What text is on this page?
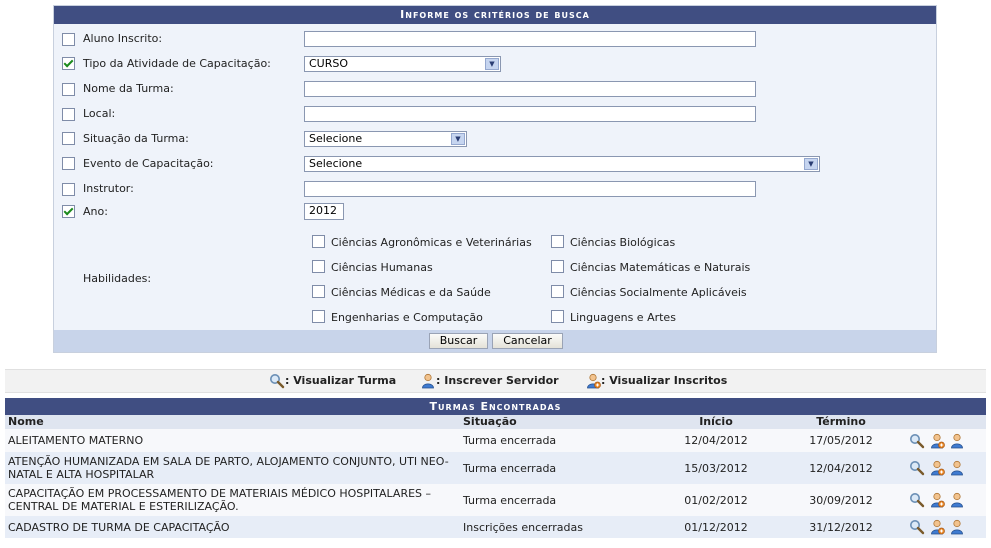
Informe os critérios de busca
Aluno Inscrito:
Tipo da Atividade de Capacitação:	CURSO	▼
Nome da Turma:
Local:
Situação da Turma:	Selecione	▼
Evento de Capacitação:	Selecione	▼
Instrutor:
Ano:	2012
Habilidades:
Ciências Agronômicas e Veterinárias	Ciências Biológicas
Ciências Humanas	Ciências Matemáticas e Naturais
Ciências Médicas e da Saúde	Ciências Socialmente Aplicáveis
Engenharias e Computação	Linguagens e Artes
Buscar	Cancelar
: Visualizar Turma	: Inscrever Servidor	: Visualizar Inscritos
Turmas Encontradas
Nome	Situação	Início	Término	
ALEITAMENTO MATERNO	Turma encerrada	12/04/2012	17/05/2012	
ATENÇÃO HUMANIZADA EM SALA DE PARTO, ALOJAMENTO CONJUNTO, UTI NEO-NATAL E ALTA HOSPITALAR	Turma encerrada	15/03/2012	12/04/2012	
CAPACITAÇÃO EM PROCESSAMENTO DE MATERIAIS MÉDICO HOSPITALARES – CENTRAL DE MATERIAL E ESTERILIZAÇÃO.	Turma encerrada	01/02/2012	30/09/2012	
CADASTRO DE TURMA DE CAPACITAÇÃO	Inscrições encerradas	01/12/2012	31/12/2012	
